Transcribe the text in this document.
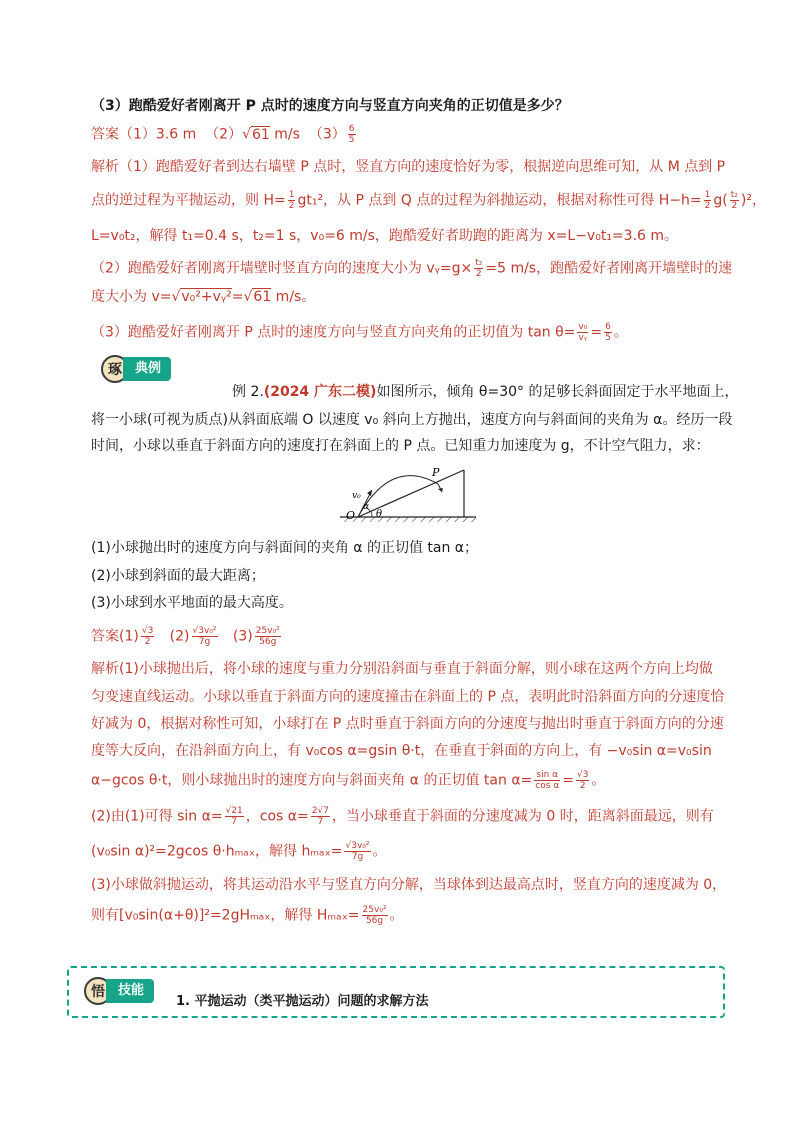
（3）跑酷爱好者刚离开 P 点时的速度方向与竖直方向夹角的正切值是多少？
答案（1）3.6 m （2）√61 m/s $(3) \frac{6}{5}$
解析（1）跑酷爱好者到达右墙壁 P 点时，竖直方向的速度恰好为零，根据逆向思维可知，从 M 点到 P
点的逆过程为平抛运动，则 $H= \frac{1}{2} gt_1^2$，从 P 点到 Q 点的过程为斜抛运动，根据对称性可得 $H-h= \frac{1}{2} g( \frac{\text{t₂}}{2} )^2$，
L=v₀t₂，解得 t₁=0.4 s，t₂=1 s，v₀=6 m/s，跑酷爱好者助跑的距离为 x=L−v₀t₁=3.6 m。
（2）跑酷爱好者刚离开墙壁时竖直方向的速度大小为 vᵧ=g× $\frac{\text{t₂}}{2} =5$ m/s，跑酷爱好者刚离开墙壁时的速
度大小为 v=√v₀²+vᵧ²=√61 m/s。
（3）跑酷爱好者刚离开 P 点时的速度方向与竖直方向夹角的正切值为 $\tan \theta= \frac{\text{v₀}}{\text{vᵧ}} = \frac{6}{5}$ 。
琢	典例
例 2.(2024 广东二模)如图所示，倾角 θ=30° 的足够长斜面固定于水平地面上，
将一小球(可视为质点)从斜面底端 O 以速度 v₀ 斜向上方抛出，速度方向与斜面间的夹角为 α。经历一段
时间，小球以垂直于斜面方向的速度打在斜面上的 P 点。已知重力加速度为 g，不计空气阻力，求：
P
v₀
O
α
θ
(1)小球抛出时的速度方向与斜面间的夹角 α 的正切值 tan α；
(2)小球到斜面的最大距离；
(3)小球到水平地面的最大高度。
答案$(1) \frac{√3}{2} (2) \frac{\text{√3v₀²}}{7g} (3) \frac{\text{25v₀²}}{56g}$
解析(1)小球抛出后，将小球的速度与重力分别沿斜面与垂直于斜面分解，则小球在这两个方向上均做
匀变速直线运动。小球以垂直于斜面方向的速度撞击在斜面上的 P 点，表明此时沿斜面方向的分速度恰
好减为 0，根据对称性可知，小球打在 P 点时垂直于斜面方向的分速度与抛出时垂直于斜面方向的分速
度等大反向，在沿斜面方向上，有 v₀cos α=gsin θ·t，在垂直于斜面的方向上，有 −v₀sin α=v₀sin
α−gcos θ·t，则小球抛出时的速度方向与斜面夹角 α 的正切值 $\tan \alpha= \frac{\text{sin α}}{\text{cos α}} = \frac{√3}{2}$ 。
(2)由(1)可得 $\sin \alpha= \frac{√21}{7}$ ，$\cos \alpha= \frac{2√7}{7}$ ，当小球垂直于斜面的分速度减为 0 时，距离斜面最远，则有
(v₀sin α)²=2gcos θ·hₘₐₓ，解得 $h_{max}= \frac{\text{√3v₀²}}{7g}$ 。
(3)小球做斜抛运动，将其运动沿水平与竖直方向分解，当球体到达最高点时，竖直方向的速度减为 0，
则有[v₀sin(α+θ)]²=2gHₘₐₓ，解得 $H_{max}= \frac{\text{25v₀²}}{56g}$ 。
悟	技能
1. 平抛运动（类平抛运动）问题的求解方法
